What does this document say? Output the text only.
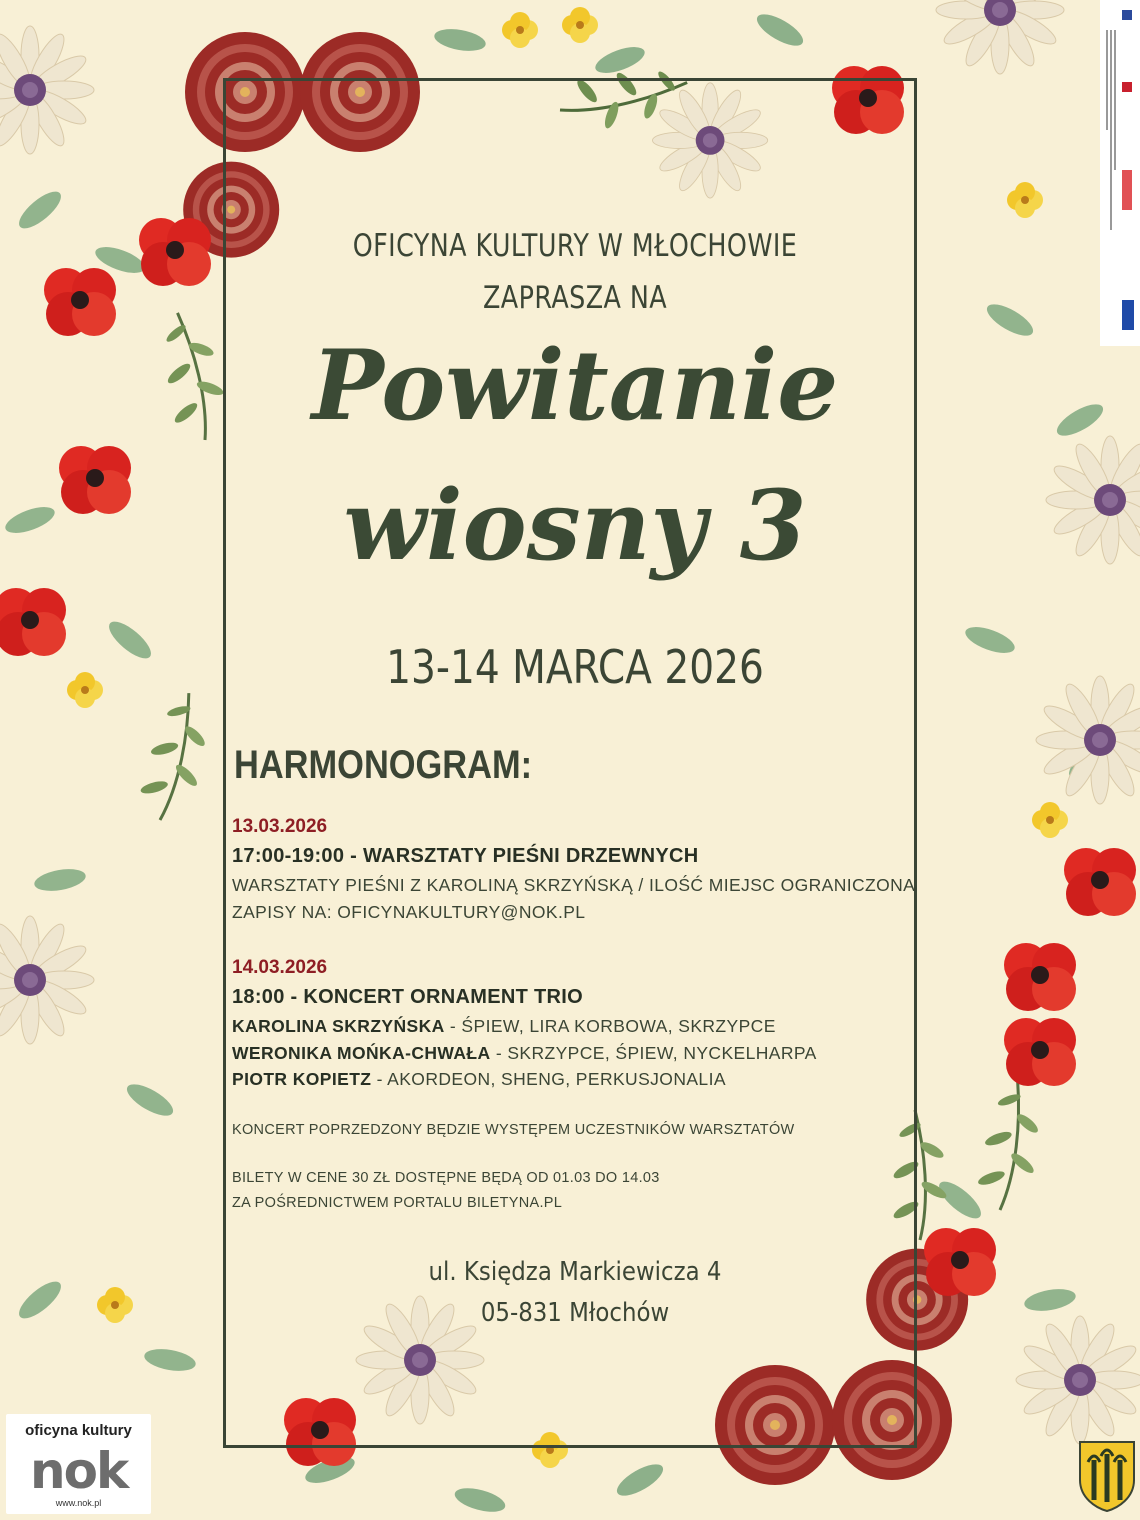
OFICYNA KULTURY W MŁOCHOWIE
ZAPRASZA NA
Powitanie
wiosny 3
13-14 MARCA 2026
HARMONOGRAM:
13.03.2026
17:00-19:00 - WARSZTATY PIEŚNI DRZEWNYCH
WARSZTATY PIEŚNI Z KAROLINĄ SKRZYŃSKĄ / ILOŚĆ MIEJSC OGRANICZONA
ZAPISY NA: OFICYNAKULTURY@NOK.PL
14.03.2026
18:00 - KONCERT ORNAMENT TRIO
KAROLINA SKRZYŃSKA - ŚPIEW, LIRA KORBOWA, SKRZYPCE
WERONIKA MOŃKA-CHWAŁA - SKRZYPCE, ŚPIEW, NYCKELHARPA
PIOTR KOPIETZ - AKORDEON, SHENG, PERKUSJONALIA
KONCERT POPRZEDZONY BĘDZIE WYSTĘPEM UCZESTNIKÓW WARSZTATÓW
BILETY W CENE 30 ZŁ DOSTĘPNE BĘDĄ OD 01.03 DO 14.03
ZA POŚREDNICTWEM PORTALU BILETYNA.PL
ul. Księdza Markiewicza 4
05-831 Młochów
oficyna kultury
nok
www.nok.pl
